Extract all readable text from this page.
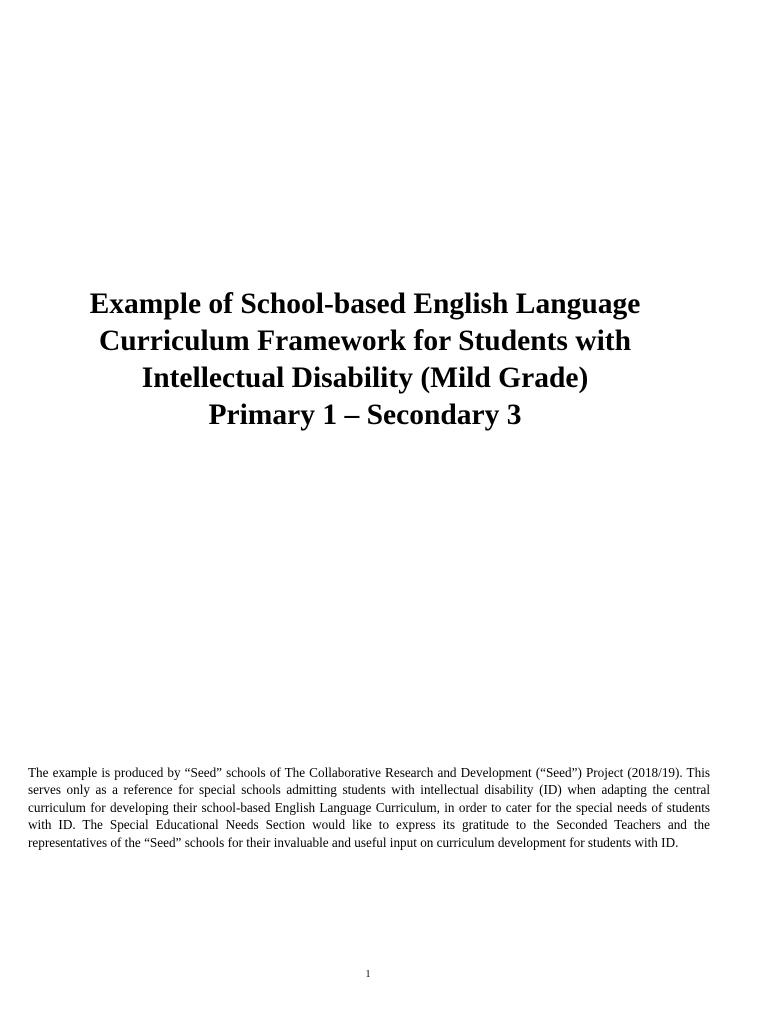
Example of School-based English Language
Curriculum Framework for Students with
Intellectual Disability (Mild Grade)
Primary 1 – Secondary 3

The example is produced by “Seed” schools of The Collaborative Research and Development (“Seed”) Project (2018/19). This serves only as a reference for special schools admitting students with intellectual disability (ID) when adapting the central curriculum for developing their school-based English Language Curriculum, in order to cater for the special needs of students with ID. The Special Educational Needs Section would like to express its gratitude to the Seconded Teachers and the representatives of the “Seed” schools for their invaluable and useful input on curriculum development for students with ID.

1
